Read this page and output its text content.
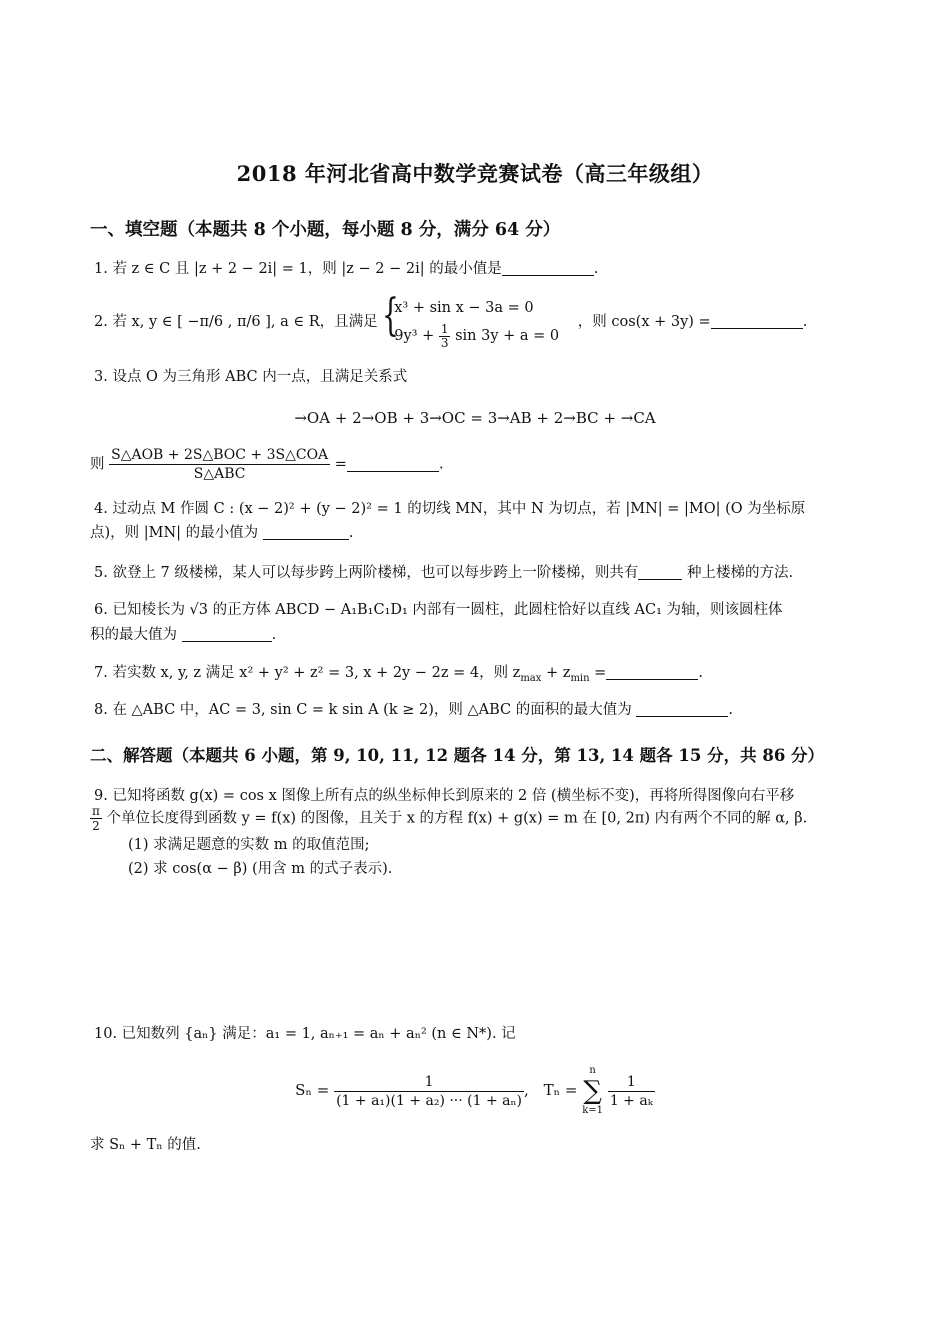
2018 年河北省高中数学竞赛试卷（高三年级组）
一、填空题（本题共 8 个小题，每小题 8 分，满分 64 分）
1. 若 z ∈ C 且 |z + 2 − 2i| = 1，则 |z − 2 − 2i| 的最小值是	.
2. 若 x, y ∈ [ −π/6 , π/6 ], a ∈ R，且满足 {
x³ + sin x − 3a = 0
$9y^3 + \frac{1}{3}$ sin 3y + a = 0
，则 cos(x + 3y) =	.
3. 设点 O 为三角形 ABC 内一点，且满足关系式
→OA + 2→OB + 3→OC = 3→AB + 2→BC + →CA
则 $\frac{\text{S△AOB + 2S△BOC + 3S△COA}}{\text{S△ABC}}$ =	.
4. 过动点 M 作圆 C : (x − 2)² + (y − 2)² = 1 的切线 MN，其中 N 为切点，若 |MN| = |MO| (O 为坐标原
点)，则 |MN| 的最小值为	.
5. 欲登上 7 级楼梯，某人可以每步跨上两阶楼梯，也可以每步跨上一阶楼梯，则共有	种上楼梯的方法.
6. 已知棱长为 √3 的正方体 ABCD − A₁B₁C₁D₁ 内部有一圆柱，此圆柱恰好以直线 AC₁ 为轴，则该圆柱体
积的最大值为	.
7. 若实数 x, y, z 满足 x² + y² + z² = 3, x + 2y − 2z = 4，则 $z_{max} + z_{min}$ =	.
8. 在 △ABC 中，AC = 3, sin C = k sin A (k ≥ 2)，则 △ABC 的面积的最大值为	.
二、解答题（本题共 6 小题，第 9, 10, 11, 12 题各 14 分，第 13, 14 题各 15 分，共 86 分）
9. 已知将函数 g(x) = cos x 图像上所有点的纵坐标伸长到原来的 2 倍 (横坐标不变)，再将所得图像向右平移
$\frac{\pi}{2}$ 个单位长度得到函数 y = f(x) 的图像，且关于 x 的方程 f(x) + g(x) = m 在 [0, 2π) 内有两个不同的解 α, β.
(1) 求满足题意的实数 m 的取值范围;
(2) 求 cos(α − β) (用含 m 的式子表示).
10. 已知数列 {aₙ} 满足：a₁ = 1, aₙ₊₁ = aₙ + aₙ² (n ∈ N*). 记
$S_n = \frac{1}{\text{(1 + a₁)(1 + a₂) ··· (1 + aₙ)}}$ , Tₙ =
n
∑
k=1

$\frac{1}{\text{1 + aₖ}}$
求 Sₙ + Tₙ 的值.
